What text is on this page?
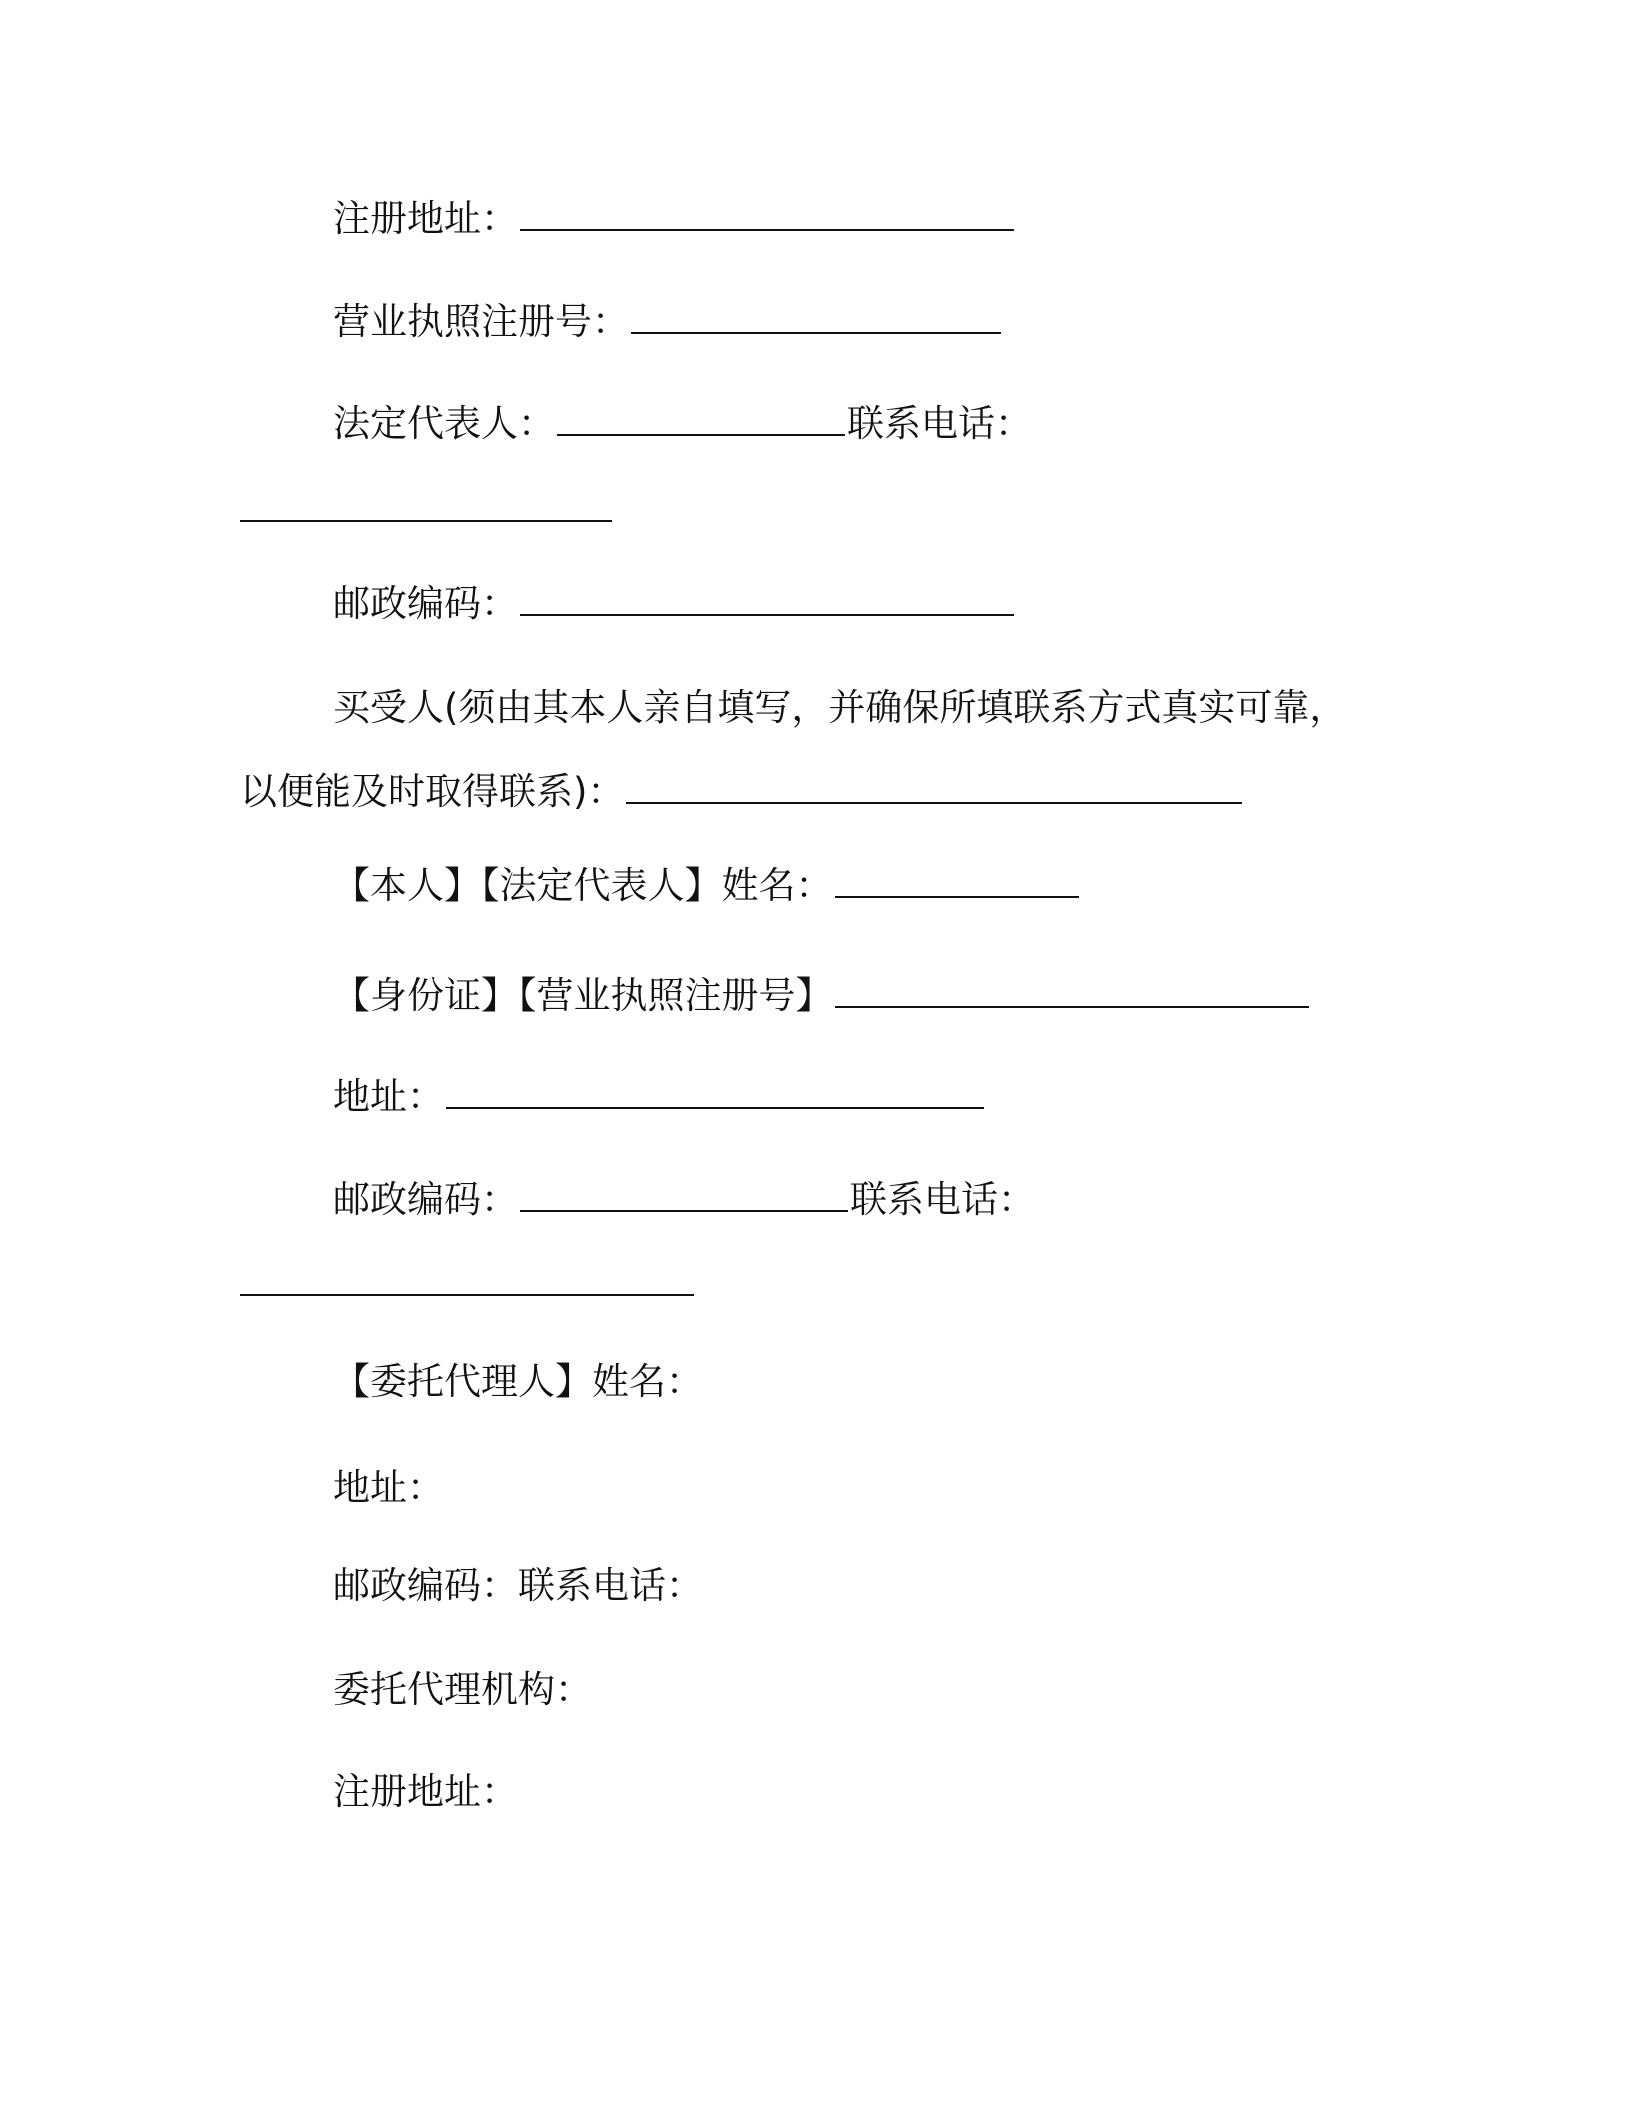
注册地址：
营业执照注册号：
法定代表人：	联系电话：
邮政编码：
买受人(须由其本人亲自填写，并确保所填联系方式真实可靠，
以便能及时取得联系)：
【本人】【法定代表人】姓名：
【身份证】【营业执照注册号】
地址：
邮政编码：	联系电话：
【委托代理人】姓名：
地址：
邮政编码：联系电话：
委托代理机构：
注册地址：
